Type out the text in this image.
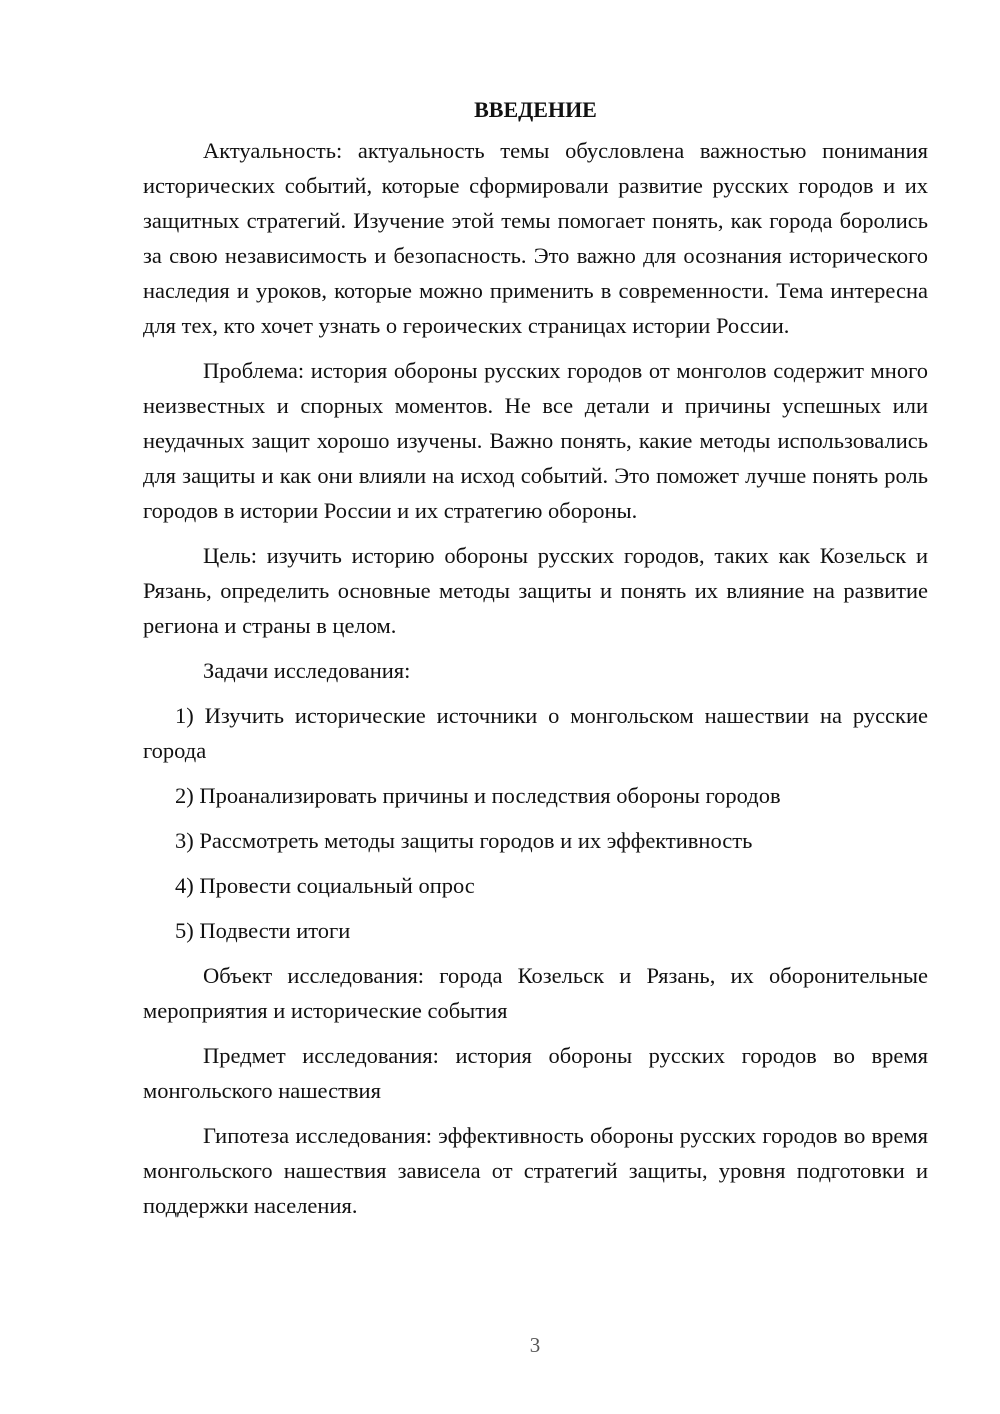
ВВЕДЕНИЕ

Актуальность: актуальность темы обусловлена важностью понимания исторических событий, которые сформировали развитие русских городов и их защитных стратегий. Изучение этой темы помогает понять, как города боролись за свою независимость и безопасность. Это важно для осознания исторического наследия и уроков, которые можно применить в современности. Тема интересна для тех, кто хочет узнать о героических страницах истории России.

Проблема: история обороны русских городов от монголов содержит много неизвестных и спорных моментов. Не все детали и причины успешных или неудачных защит хорошо изучены. Важно понять, какие методы использовались для защиты и как они влияли на исход событий. Это поможет лучше понять роль городов в истории России и их стратегию обороны.

Цель: изучить историю обороны русских городов, таких как Козельск и Рязань, определить основные методы защиты и понять их влияние на развитие региона и страны в целом.

Задачи исследования:

1) Изучить исторические источники о монгольском нашествии на русские города

2) Проанализировать причины и последствия обороны городов

3) Рассмотреть методы защиты городов и их эффективность

4) Провести социальный опрос

5) Подвести итоги

Объект исследования: города Козельск и Рязань, их оборонительные мероприятия и исторические события

Предмет исследования: история обороны русских городов во время монгольского нашествия

Гипотеза исследования: эффективность обороны русских городов во время монгольского нашествия зависела от стратегий защиты, уровня подготовки и поддержки населения.

3
